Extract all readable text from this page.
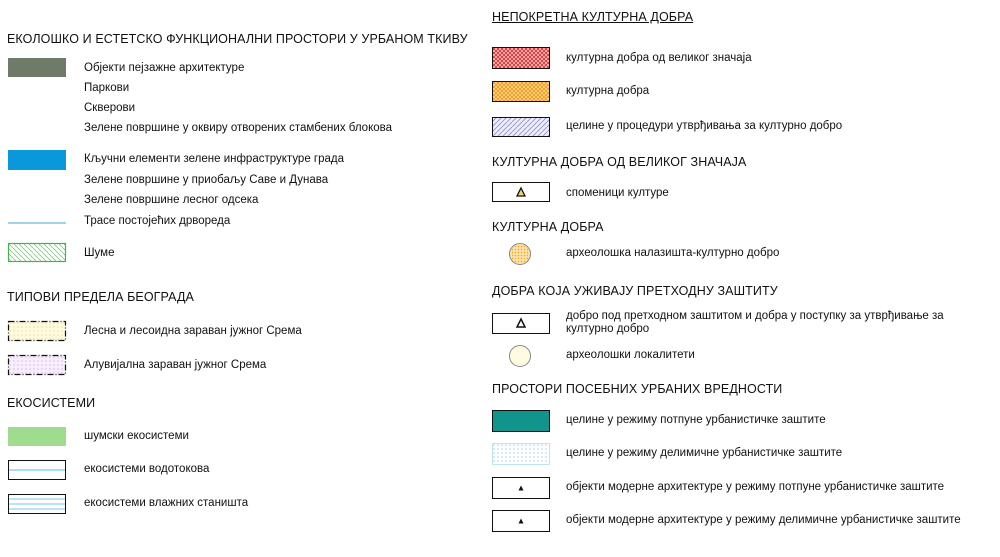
ЕКОЛОШКО И ЕСТЕТСКО ФУНКЦИОНАЛНИ ПРОСТОРИ У УРБАНОМ ТКИВУ
Објекти пејзажне архитектуре
Паркови
Скверови
Зелене површине у оквиру отворених стамбених блокова
Кључни елементи зелене инфраструктуре града
Зелене површине у приобаљу Саве и Дунава
Зелене површине лесног одсека
Трасе постојећих дрвореда
Шуме
ТИПОВИ ПРЕДЕЛА БЕОГРАДА
Лесна и лесоидна зараван јужног Срема
Алувијална зараван јужног Срема
ЕКОСИСТЕМИ
шумски екосистеми
екосистеми водотокова
екосистеми влажних станишта
НЕПОКРЕТНА КУЛТУРНА ДОБРА
културна добра од великог значаја
културна добра
целине у процедури утврђивања за културно добро
КУЛТУРНА ДОБРА ОД ВЕЛИКОГ ЗНАЧАЈА
споменици културе
КУЛТУРНА ДОБРА
археолошка налазишта-културно добро
ДОБРА КОЈА УЖИВАЈУ ПРЕТХОДНУ ЗАШТИТУ
добро под претходном заштитом и добра у поступку за утврђивање за културно добро
археолошки локалитети
ПРОСТОРИ ПОСЕБНИХ УРБАНИХ ВРЕДНОСТИ
целине у режиму потпуне урбанистичке заштите
целине у режиму делимичне урбанистичке заштите
објекти модерне архитектуре у режиму потпуне урбанистичке заштите
објекти модерне архитектуре у режиму делимичне урбанистичке заштите
